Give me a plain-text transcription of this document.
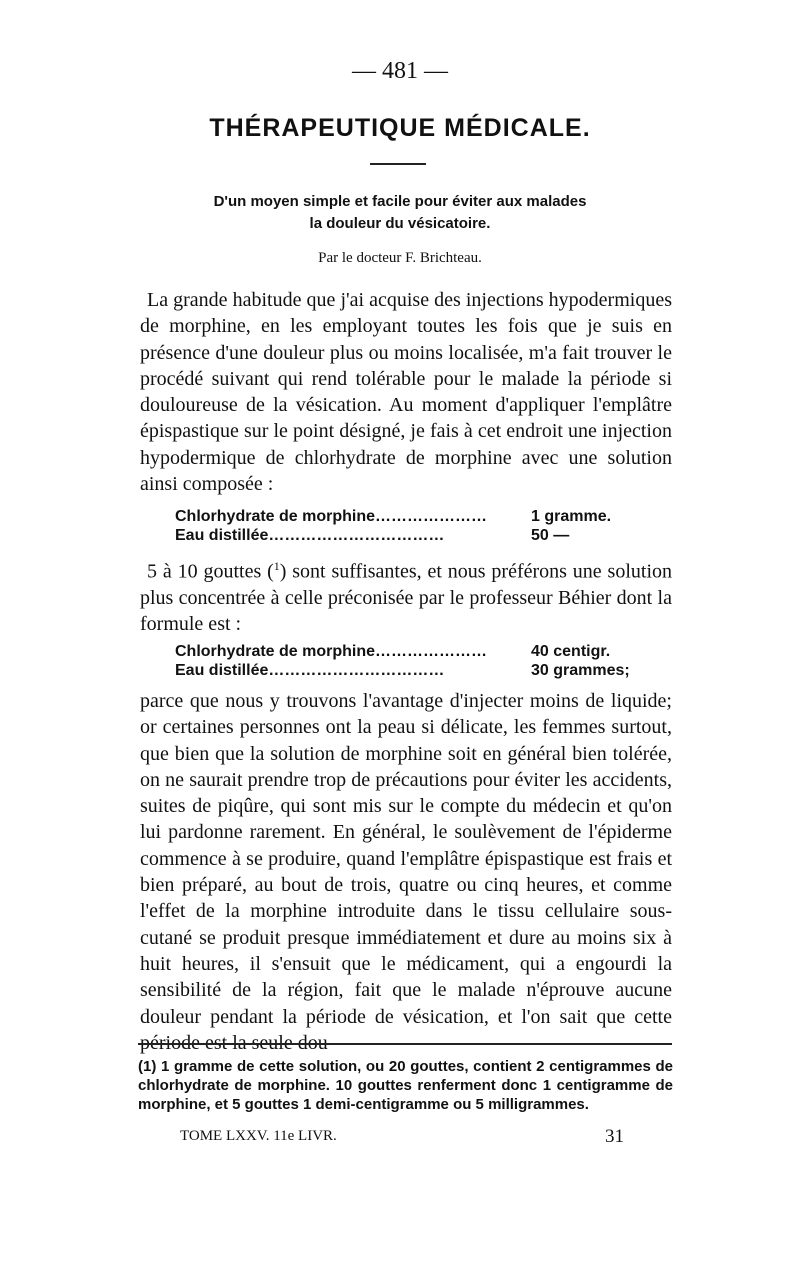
— 481 —
THÉRAPEUTIQUE MÉDICALE.
D'un moyen simple et facile pour éviter aux malades
la douleur du vésicatoire.
Par le docteur F. Brichteau.
La grande habitude que j'ai acquise des injections hypodermiques de morphine, en les employant toutes les fois que je suis en présence d'une douleur plus ou moins localisée, m'a fait trouver le procédé suivant qui rend tolérable pour le malade la période si douloureuse de la vésication. Au moment d'appliquer l'emplâtre épispastique sur le point désigné, je fais à cet endroit une injection hypodermique de chlorhydrate de morphine avec une solution ainsi composée :
Chlorhydrate de morphine…………………	1 gramme.
Eau distillée……………………………	50 —
5 à 10 gouttes ($^1$) sont suffisantes, et nous préférons une solution plus concentrée à celle préconisée par le professeur Béhier dont la formule est :
Chlorhydrate de morphine…………………	40 centigr.
Eau distillée……………………………	30 grammes;
parce que nous y trouvons l'avantage d'injecter moins de liquide; or certaines personnes ont la peau si délicate, les femmes surtout, que bien que la solution de morphine soit en général bien tolérée, on ne saurait prendre trop de précautions pour éviter les accidents, suites de piqûre, qui sont mis sur le compte du médecin et qu'on lui pardonne rarement. En général, le soulèvement de l'épiderme commence à se produire, quand l'emplâtre épispastique est frais et bien préparé, au bout de trois, quatre ou cinq heures, et comme l'effet de la morphine introduite dans le tissu cellulaire sous-cutané se produit presque immédiatement et dure au moins six à huit heures, il s'ensuit que le médicament, qui a engourdi la sensibilité de la région, fait que le malade n'éprouve aucune douleur pendant la période de vésication, et l'on sait que cette période est la seule dou-
(1) 1 gramme de cette solution, ou 20 gouttes, contient 2 centigrammes de chlorhydrate de morphine. 10 gouttes renferment donc 1 centigramme de morphine, et 5 gouttes 1 demi-centigramme ou 5 milligrammes.
TOME LXXV. 11e LIVR.	31
